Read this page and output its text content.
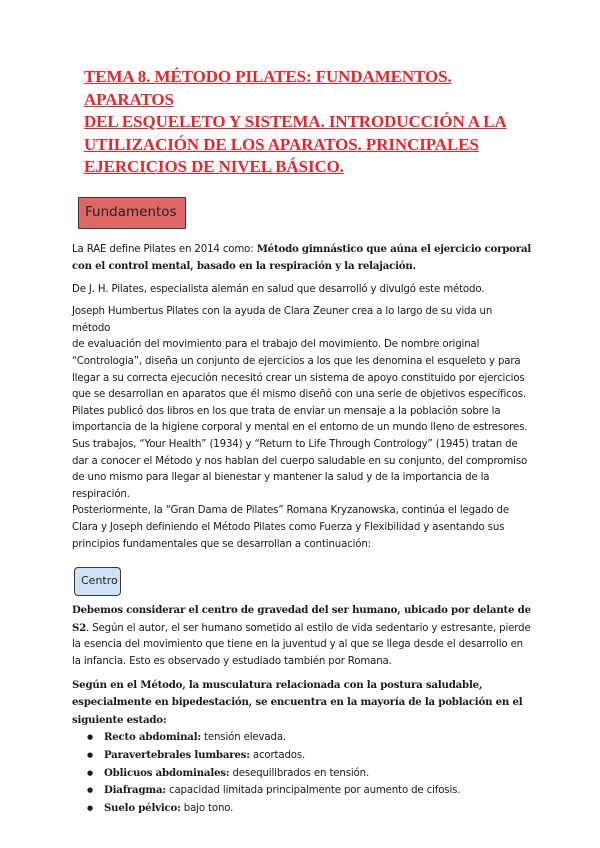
TEMA 8. MÉTODO PILATES: FUNDAMENTOS. APARATOS
DEL ESQUELETO Y SISTEMA. INTRODUCCIÓN A LA
UTILIZACIÓN DE LOS APARATOS. PRINCIPALES
EJERCICIOS DE NIVEL BÁSICO.
Fundamentos

La RAE define Pilates en 2014 como: Método gimnástico que aúna el ejercicio corporal con el control mental, basado en la respiración y la relajación.

De J. H. Pilates, especialista alemán en salud que desarrolló y divulgó este método.

Joseph Humbertus Pilates con la ayuda de Clara Zeuner crea a lo largo de su vida un método
de evaluación del movimiento para el trabajo del movimiento. De nombre original
“Contrologia”, diseña un conjunto de ejercicios a los que les denomina el esqueleto y para
llegar a su correcta ejecución necesitó crear un sistema de apoyo constituido por ejercicios
que se desarrollan en aparatos que él mismo diseñó con una serie de objetivos específicos.
Pilates publicó dos libros en los que trata de enviar un mensaje a la población sobre la
importancia de la higiene corporal y mental en el entorno de un mundo lleno de estresores.
Sus trabajos, “Your Health” (1934) y “Return to Life Through Contrology” (1945) tratan de
dar a conocer el Método y nos hablan del cuerpo saludable en su conjunto, del compromiso
de uno mismo para llegar al bienestar y mantener la salud y de la importancia de la
respiración.
Posteriormente, la “Gran Dama de Pilates” Romana Kryzanowska, continúa el legado de
Clara y Joseph definiendo el Método Pilates como Fuerza y Flexibilidad y asentando sus
principios fundamentales que se desarrollan a continuación:

Centro

Debemos considerar el centro de gravedad del ser humano, ubicado por delante de S2. Según el autor, el ser humano sometido al estilo de vida sedentario y estresante, pierde la esencia del movimiento que tiene en la juventud y al que se llega desde el desarrollo en la infancia. Esto es observado y estudiado también por Romana.

Según en el Método, la musculatura relacionada con la postura saludable, especialmente en bipedestación, se encuentra en la mayoría de la población en el siguiente estado:

● Recto abdominal: tensión elevada.
● Paravertebrales lumbares: acortados.
● Oblicuos abdominales: desequilibrados en tensión.
● Diafragma: capacidad limitada principalmente por aumento de cifosis.
● Suelo pélvico: bajo tono.
